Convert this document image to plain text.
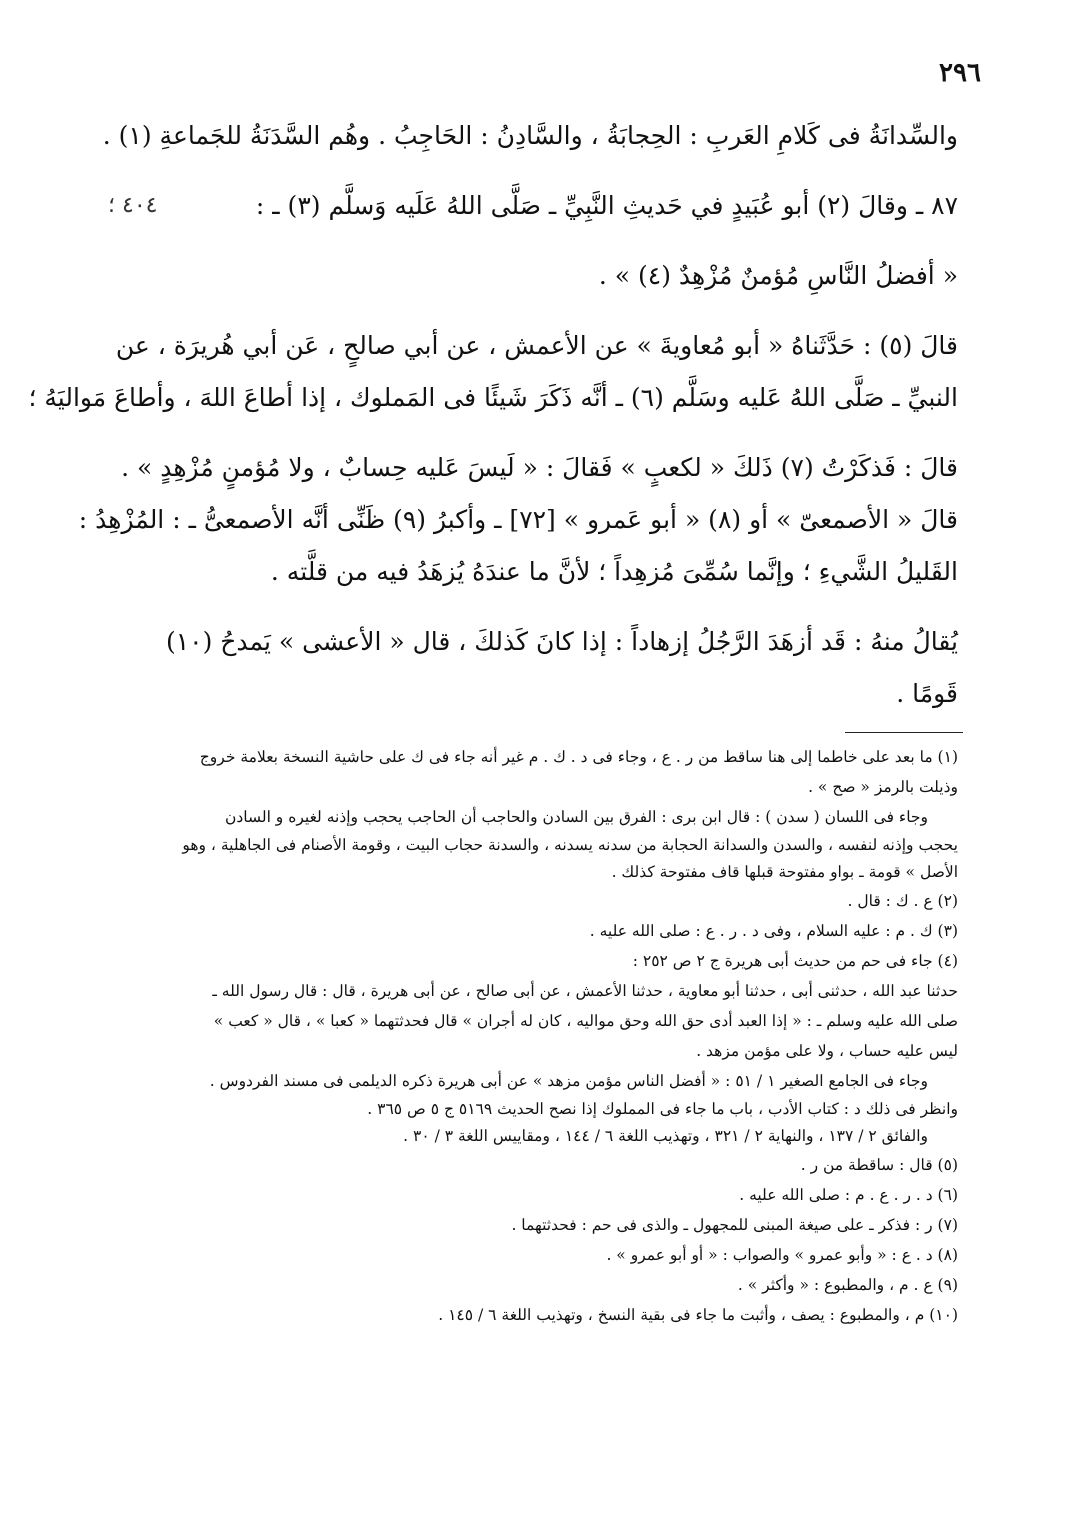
٢٩٦
٤٠٤ ؛
والسِّدانَةُ فى كَلامِ العَربِ : الحِجابَةُ ، والسَّادِنُ : الحَاجِبُ . وهُم السَّدَنَةُ للجَماعةِ (١) .
٨٧ ـ وقالَ (٢) أبو عُبَيدٍ في حَديثِ النَّبِيِّ ـ صَلَّى اللهُ عَلَيه وَسلَّم (٣) ـ :
« أفضلُ النَّاسِ مُؤمنٌ مُزْهِدٌ (٤) » .
قالَ (٥) : حَدَّثَناهُ « أبو مُعاويةَ » عن الأعمش ، عن أبي صالحٍ ، عَن أبي هُريرَة ، عن
النبيِّ ـ صَلَّى اللهُ عَليه وسَلَّم (٦) ـ أنَّه ذَكَرَ شَيئًا فى المَملوك ، إذا أطاعَ اللهَ ، وأطاعَ مَواليَهُ ؛
قالَ : فَذكَرْتُ (٧) ذَلكَ « لكعبٍ » فَقالَ : « لَيسَ عَليه حِسابٌ ، ولا مُؤمنٍ مُزْهِدٍ » .
قالَ « الأصمعىّ » أو (٨) « أبو عَمرو » [٧٢] ـ وأكبرُ (٩) ظَنِّى أنَّه الأصمعىُّ ـ : المُزْهِدُ :
القَليلُ الشَّيءِ ؛ وإنَّما سُمِّىَ مُزهِداً ؛ لأنَّ ما عندَهُ يُزهَدُ فيه من قلَّته .
يُقالُ منهُ : قَد أزهَدَ الرَّجُلُ إزهاداً : إذا كانَ كَذلكَ ، قال « الأعشى » يَمدحُ (١٠)
قَومًا .
(١) ما بعد على خاطما إلى هنا ساقط من ر . ع ، وجاء فى د . ك . م غير أنه جاء فى ك على حاشية النسخة بعلامة خروج
وذيلت بالرمز « صح » .
وجاء فى اللسان ( سدن ) : قال ابن برى : الفرق بين السادن والحاجب أن الحاجب يحجب وإذنه لغيره و السادن
يحجب وإذنه لنفسه ، والسدن والسدانة الحجابة من سدنه يسدنه ، والسدنة حجاب البيت ، وقومة الأصنام فى الجاهلية ، وهو
الأصل » قومة ـ بواو مفتوحة قبلها قاف مفتوحة كذلك .
(٢) ع . ك : قال .
(٣) ك . م : عليه السلام ، وفى د . ر . ع : صلى الله عليه .
(٤) جاء فى حم من حديث أبى هريرة ج ٢ ص ٢٥٢ :
حدثنا عبد الله ، حدثنى أبى ، حدثنا أبو معاوية ، حدثنا الأعمش ، عن أبى صالح ، عن أبى هريرة ، قال : قال رسول الله ـ
صلى الله عليه وسلم ـ : « إذا العبد أدى حق الله وحق مواليه ، كان له أجران » قال فحدثتهما « كعبا » ، قال « كعب »
ليس عليه حساب ، ولا على مؤمن مزهد .
وجاء فى الجامع الصغير ١ / ٥١ : « أفضل الناس مؤمن مزهد » عن أبى هريرة ذكره الديلمى فى مسند الفردوس .
وانظر فى ذلك د : كتاب الأدب ، باب ما جاء فى المملوك إذا نصح الحديث ٥١٦٩ ج ٥ ص ٣٦٥ .
والفائق ٢ / ١٣٧ ، والنهاية ٢ / ٣٢١ ، وتهذيب اللغة ٦ / ١٤٤ ، ومقاييس اللغة ٣ / ٣٠ .
(٥) قال : ساقطة من ر .
(٦) د . ر . ع . م : صلى الله عليه .
(٧) ر : فذكر ـ على صيغة المبنى للمجهول ـ والذى فى حم : فحدثتهما .
(٨) د . ع : « وأبو عمرو » والصواب : « أو أبو عمرو » .
(٩) ع . م ، والمطبوع : « وأكثر » .
(١٠) م ، والمطبوع : يصف ، وأثبت ما جاء فى بقية النسخ ، وتهذيب اللغة ٦ / ١٤٥ .
